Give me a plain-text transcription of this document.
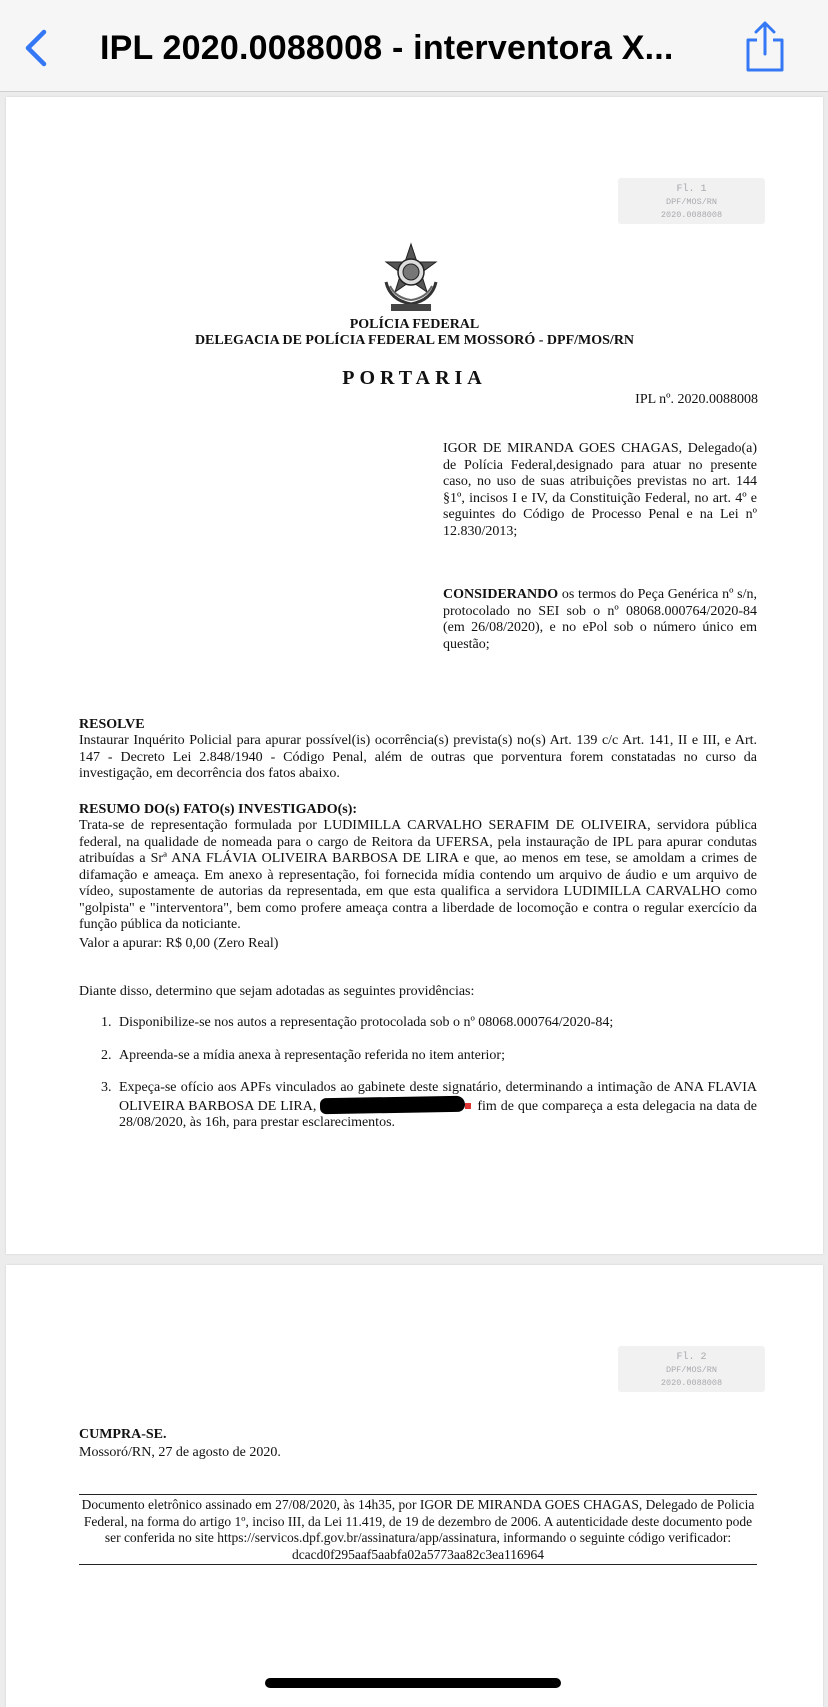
IPL 2020.0088008 - interventora X...
Fl. 1
DPF/MOS/RN
2020.0088008
POLÍCIA FEDERAL
DELEGACIA DE POLÍCIA FEDERAL EM MOSSORÓ - DPF/MOS/RN
PORTARIA
IPL nº. 2020.0088008
IGOR DE MIRANDA GOES CHAGAS, Delegado(a) de Polícia Federal,designado para atuar no presente caso, no uso de suas atribuições previstas no art. 144 §1º, incisos I e IV, da Constituição Federal, no art. 4º e seguintes do Código de Processo Penal e na Lei nº 12.830/2013;
CONSIDERANDO os termos do Peça Genérica nº s/n, protocolado no SEI sob o nº 08068.000764/2020-84 (em 26/08/2020), e no ePol sob o número único em questão;
RESOLVE
Instaurar Inquérito Policial para apurar possível(is) ocorrência(s) prevista(s) no(s) Art. 139 c/c Art. 141, II e III, e Art. 147 - Decreto Lei 2.848/1940 - Código Penal, além de outras que porventura forem constatadas no curso da investigação, em decorrência dos fatos abaixo.
RESUMO DO(s) FATO(s) INVESTIGADO(s):
Trata-se de representação formulada por LUDIMILLA CARVALHO SERAFIM DE OLIVEIRA, servidora pública federal, na qualidade de nomeada para o cargo de Reitora da UFERSA, pela instauração de IPL para apurar condutas atribuídas a Srª ANA FLÁVIA OLIVEIRA BARBOSA DE LIRA e que, ao menos em tese, se amoldam a crimes de difamação e ameaça. Em anexo à representação, foi fornecida mídia contendo um arquivo de áudio e um arquivo de vídeo, supostamente de autorias da representada, em que esta qualifica a servidora LUDIMILLA CARVALHO como "golpista" e "interventora", bem como profere ameaça contra a liberdade de locomoção e contra o regular exercício da função pública da noticiante.
Valor a apurar: R$ 0,00 (Zero Real)
Diante disso, determino que sejam adotadas as seguintes providências:
1. Disponibilize-se nos autos a representação protocolada sob o nº 08068.000764/2020-84;
2. Apreenda-se a mídia anexa à representação referida no item anterior;
3. Expeça-se ofício aos APFs vinculados ao gabinete deste signatário, determinando a intimação de ANA FLAVIA OLIVEIRA BARBOSA DE LIRA,	fim de que compareça a esta delegacia na data de 28/08/2020, às 16h, para prestar esclarecimentos.
Fl. 2
DPF/MOS/RN
2020.0088008
CUMPRA-SE.
Mossoró/RN, 27 de agosto de 2020.
Documento eletrônico assinado em 27/08/2020, às 14h35, por IGOR DE MIRANDA GOES CHAGAS, Delegado de Policia Federal, na forma do artigo 1º, inciso III, da Lei 11.419, de 19 de dezembro de 2006. A autenticidade deste documento pode ser conferida no site https://servicos.dpf.gov.br/assinatura/app/assinatura, informando o seguinte código verificador: dcacd0f295aaf5aabfa02a5773aa82c3ea116964
